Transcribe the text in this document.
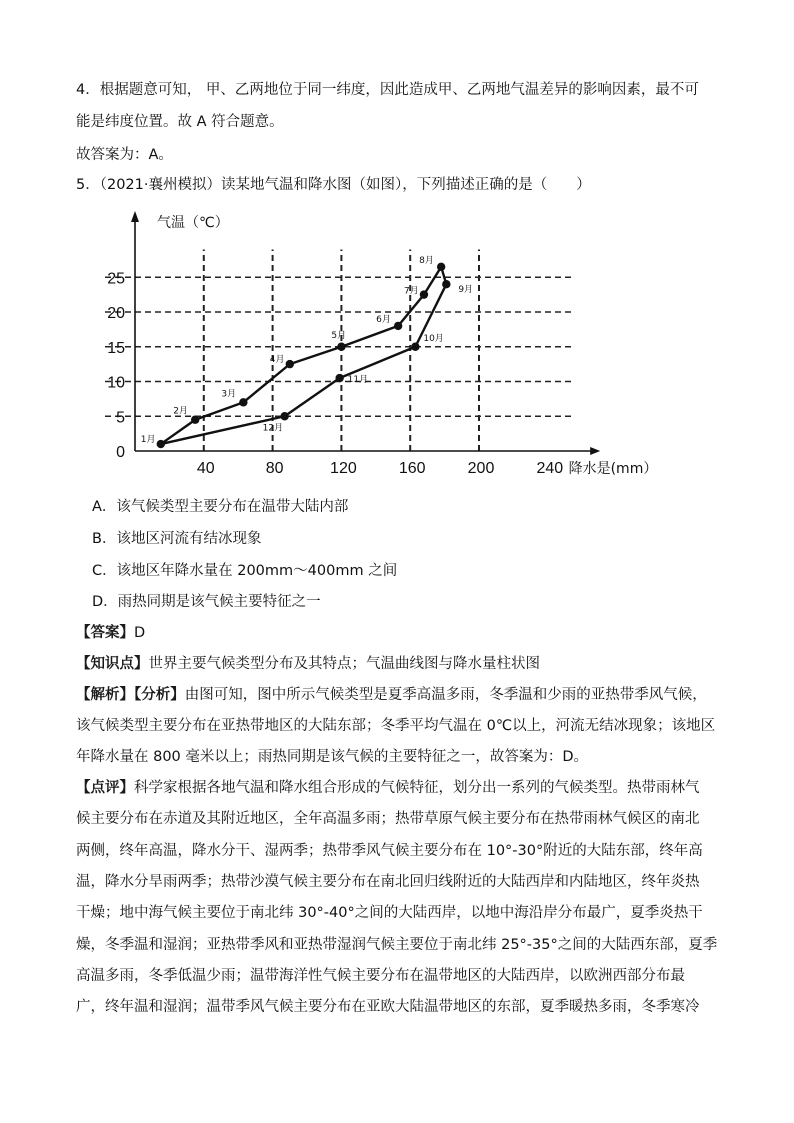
4．根据题意可知， 甲、乙两地位于同一纬度，因此造成甲、乙两地气温差异的影响因素，最不可
能是纬度位置。故 A 符合题意。
故答案为：A。
5．（2021·襄州模拟）读某地气温和降水图（如图），下列描述正确的是（　　）
0
5
10
15
20
25
40	80	120	160	200	240
1月
2月
3月
4月
5月
6月
7月
8月
9月
10月
11月
12月
气温（℃）
降水是(mm）
A．该气候类型主要分布在温带大陆内部
B．该地区河流有结冰现象
C．该地区年降水量在 200mm～400mm 之间
D．雨热同期是该气候主要特征之一
【答案】D
【知识点】世界主要气候类型分布及其特点；气温曲线图与降水量柱状图
【解析】【分析】由图可知，图中所示气候类型是夏季高温多雨，冬季温和少雨的亚热带季风气候，
该气候类型主要分布在亚热带地区的大陆东部；冬季平均气温在 0℃以上，河流无结冰现象；该地区
年降水量在 800 毫米以上；雨热同期是该气候的主要特征之一，故答案为：D。
【点评】科学家根据各地气温和降水组合形成的气候特征，划分出一系列的气候类型。热带雨林气
候主要分布在赤道及其附近地区，全年高温多雨；热带草原气候主要分布在热带雨林气候区的南北
两侧，终年高温，降水分干、湿两季；热带季风气候主要分布在 10°-30°附近的大陆东部，终年高
温，降水分旱雨两季；热带沙漠气候主要分布在南北回归线附近的大陆西岸和内陆地区，终年炎热
干燥；地中海气候主要位于南北纬 30°-40°之间的大陆西岸，以地中海沿岸分布最广，夏季炎热干
燥，冬季温和湿润；亚热带季风和亚热带湿润气候主要位于南北纬 25°-35°之间的大陆西东部，夏季
高温多雨，冬季低温少雨；温带海洋性气候主要分布在温带地区的大陆西岸，以欧洲西部分布最
广，终年温和湿润；温带季风气候主要分布在亚欧大陆温带地区的东部，夏季暖热多雨，冬季寒冷
